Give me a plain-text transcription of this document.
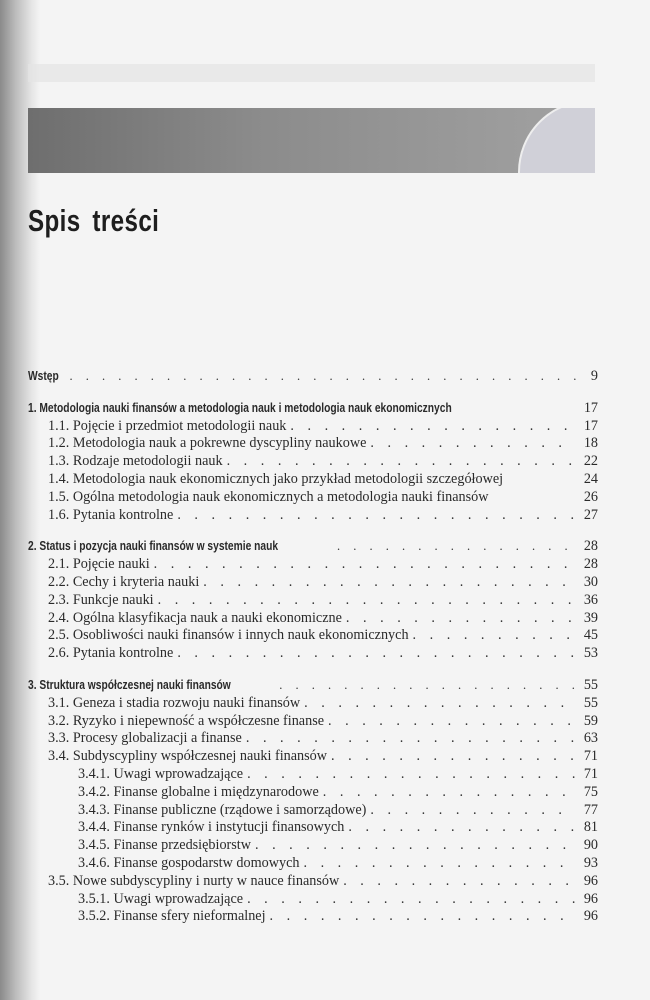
Spis treści
Wstęp . . .	9
1. Metodologia nauki finansów a metodologia nauk i metodologia nauk ekonomicznych	17
1.1. Pojęcie i przedmiot metodologii nauk . . .	17
1.2. Metodologia nauk a pokrewne dyscypliny naukowe . . .	18
1.3. Rodzaje metodologii nauk . . .	22
1.4. Metodologia nauk ekonomicznych jako przykład metodologii szczegółowej	24
1.5. Ogólna metodologia nauk ekonomicznych a metodologia nauki finansów	26
1.6. Pytania kontrolne . . .	27
2. Status i pozycja nauki finansów w systemie nauk . . .	28
2.1. Pojęcie nauki . . .	28
2.2. Cechy i kryteria nauki . . .	30
2.3. Funkcje nauki . . .	36
2.4. Ogólna klasyfikacja nauk a nauki ekonomiczne . . .	39
2.5. Osobliwości nauki finansów i innych nauk ekonomicznych . . .	45
2.6. Pytania kontrolne . . .	53
3. Struktura współczesnej nauki finansów . . .	55
3.1. Geneza i stadia rozwoju nauki finansów . . .	55
3.2. Ryzyko i niepewność a współczesne finanse . . .	59
3.3. Procesy globalizacji a finanse . . .	63
3.4. Subdyscypliny współczesnej nauki finansów . . .	71
3.4.1. Uwagi wprowadzające . . .	71
3.4.2. Finanse globalne i międzynarodowe . . .	75
3.4.3. Finanse publiczne (rządowe i samorządowe) . . .	77
3.4.4. Finanse rynków i instytucji finansowych . . .	81
3.4.5. Finanse przedsiębiorstw . . .	90
3.4.6. Finanse gospodarstw domowych . . .	93
3.5. Nowe subdyscypliny i nurty w nauce finansów . . .	96
3.5.1. Uwagi wprowadzające . . .	96
3.5.2. Finanse sfery nieformalnej . . .	96
